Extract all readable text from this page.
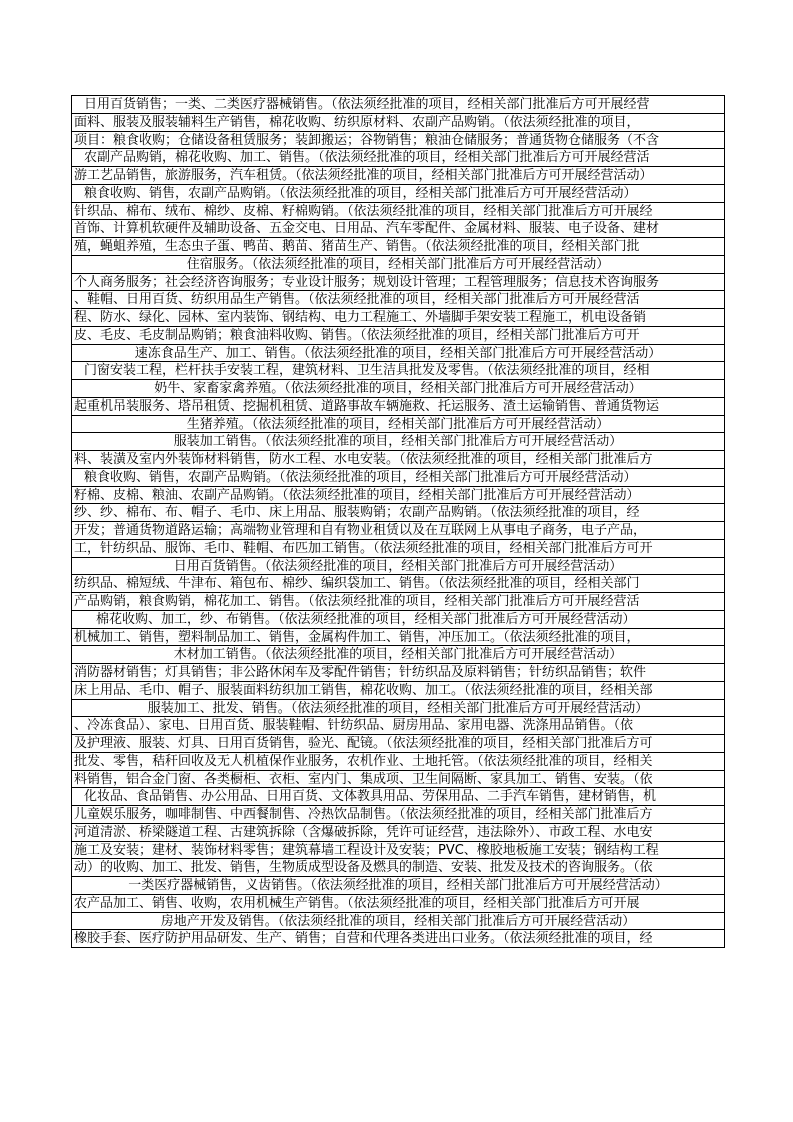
日用百货销售；一类、二类医疗器械销售。（依法须经批准的项目，经相关部门批准后方可开展经营
面料、服装及服装辅料生产销售，棉花收购、纺织原材料、农副产品购销。（依法须经批准的项目，
项目：粮食收购；仓储设备租赁服务；装卸搬运；谷物销售；粮油仓储服务；普通货物仓储服务（不含
农副产品购销，棉花收购、加工、销售。（依法须经批准的项目，经相关部门批准后方可开展经营活
游工艺品销售，旅游服务，汽车租赁。（依法须经批准的项目，经相关部门批准后方可开展经营活动）
粮食收购、销售，农副产品购销。（依法须经批准的项目，经相关部门批准后方可开展经营活动）
针织品、棉布、绒布、棉纱、皮棉、籽棉购销。（依法须经批准的项目，经相关部门批准后方可开展经
首饰、计算机软硬件及辅助设备、五金交电、日用品、汽车零配件、金属材料、服装、电子设备、建材
殖，蝇蛆养殖，生态虫子蛋、鸭苗、鹅苗、猪苗生产、销售。（依法须经批准的项目，经相关部门批
住宿服务。（依法须经批准的项目，经相关部门批准后方可开展经营活动）
个人商务服务；社会经济咨询服务；专业设计服务；规划设计管理；工程管理服务；信息技术咨询服务
、鞋帽、日用百货、纺织用品生产销售。（依法须经批准的项目，经相关部门批准后方可开展经营活
程、防水、绿化、园林、室内装饰、钢结构、电力工程施工、外墙脚手架安装工程施工，机电设备销
皮、毛皮、毛皮制品购销；粮食油料收购、销售。（依法须经批准的项目，经相关部门批准后方可开
速冻食品生产、加工、销售。（依法须经批准的项目，经相关部门批准后方可开展经营活动）
门窗安装工程，栏杆扶手安装工程，建筑材料、卫生洁具批发及零售。（依法须经批准的项目，经相
奶牛、家畜家禽养殖。（依法须经批准的项目，经相关部门批准后方可开展经营活动）
起重机吊装服务、塔吊租赁、挖掘机租赁、道路事故车辆施救、托运服务、渣土运输销售、普通货物运
生猪养殖。（依法须经批准的项目，经相关部门批准后方可开展经营活动）
服装加工销售。（依法须经批准的项目，经相关部门批准后方可开展经营活动）
料、装潢及室内外装饰材料销售，防水工程、水电安装。（依法须经批准的项目，经相关部门批准后方
粮食收购、销售，农副产品购销。（依法须经批准的项目，经相关部门批准后方可开展经营活动）
籽棉、皮棉、粮油、农副产品购销。（依法须经批准的项目，经相关部门批准后方可开展经营活动）
纱、纱、棉布、布、帽子、毛巾、床上用品、服装购销；农副产品购销。（依法须经批准的项目，经
开发；普通货物道路运输；高端物业管理和自有物业租赁以及在互联网上从事电子商务，电子产品，
工，针纺织品、服饰、毛巾、鞋帽、布匹加工销售。（依法须经批准的项目，经相关部门批准后方可开
日用百货销售。（依法须经批准的项目，经相关部门批准后方可开展经营活动）
纺织品、棉短绒、牛津布、箱包布、棉纱、编织袋加工、销售。（依法须经批准的项目，经相关部门
产品购销，粮食购销，棉花加工、销售。（依法须经批准的项目，经相关部门批准后方可开展经营活
棉花收购、加工，纱、布销售。（依法须经批准的项目，经相关部门批准后方可开展经营活动）
机械加工、销售，塑料制品加工、销售，金属构件加工、销售，冲压加工。（依法须经批准的项目，
木材加工销售。（依法须经批准的项目，经相关部门批准后方可开展经营活动）
消防器材销售；灯具销售；非公路休闲车及零配件销售；针纺织品及原料销售；针纺织品销售；软件
床上用品、毛巾、帽子、服装面料纺织加工销售，棉花收购、加工。（依法须经批准的项目，经相关部
服装加工、批发、销售。（依法须经批准的项目，经相关部门批准后方可开展经营活动）
、冷冻食品）、家电、日用百货、服装鞋帽、针纺织品、厨房用品、家用电器、洗涤用品销售。（依
及护理液、服装、灯具、日用百货销售，验光、配镜。（依法须经批准的项目，经相关部门批准后方可
批发、零售，秸秆回收及无人机植保作业服务，农机作业、土地托管。（依法须经批准的项目，经相关
料销售，铝合金门窗、各类橱柜、衣柜、室内门、集成项、卫生间隔断、家具加工、销售、安装。（依
化妆品、食品销售、办公用品、日用百货、文体教具用品、劳保用品、二手汽车销售，建材销售，机
儿童娱乐服务，咖啡制售、中西餐制售、冷热饮品制售。（依法须经批准的项目，经相关部门批准后方
河道清淤、桥梁隧道工程、古建筑拆除（含爆破拆除，凭许可证经营，违法除外）、市政工程、水电安
施工及安装；建材、装饰材料零售；建筑幕墙工程设计及安装；PVC、橡胶地板施工安装；钢结构工程
动）的收购、加工、批发、销售，生物质成型设备及燃具的制造、安装、批发及技术的咨询服务。（依
一类医疗器械销售，义齿销售。（依法须经批准的项目，经相关部门批准后方可开展经营活动）
农产品加工、销售、收购，农用机械生产销售。（依法须经批准的项目，经相关部门批准后方可开展
房地产开发及销售。（依法须经批准的项目，经相关部门批准后方可开展经营活动）
橡胶手套、医疗防护用品研发、生产、销售；自营和代理各类进出口业务。（依法须经批准的项目，经
